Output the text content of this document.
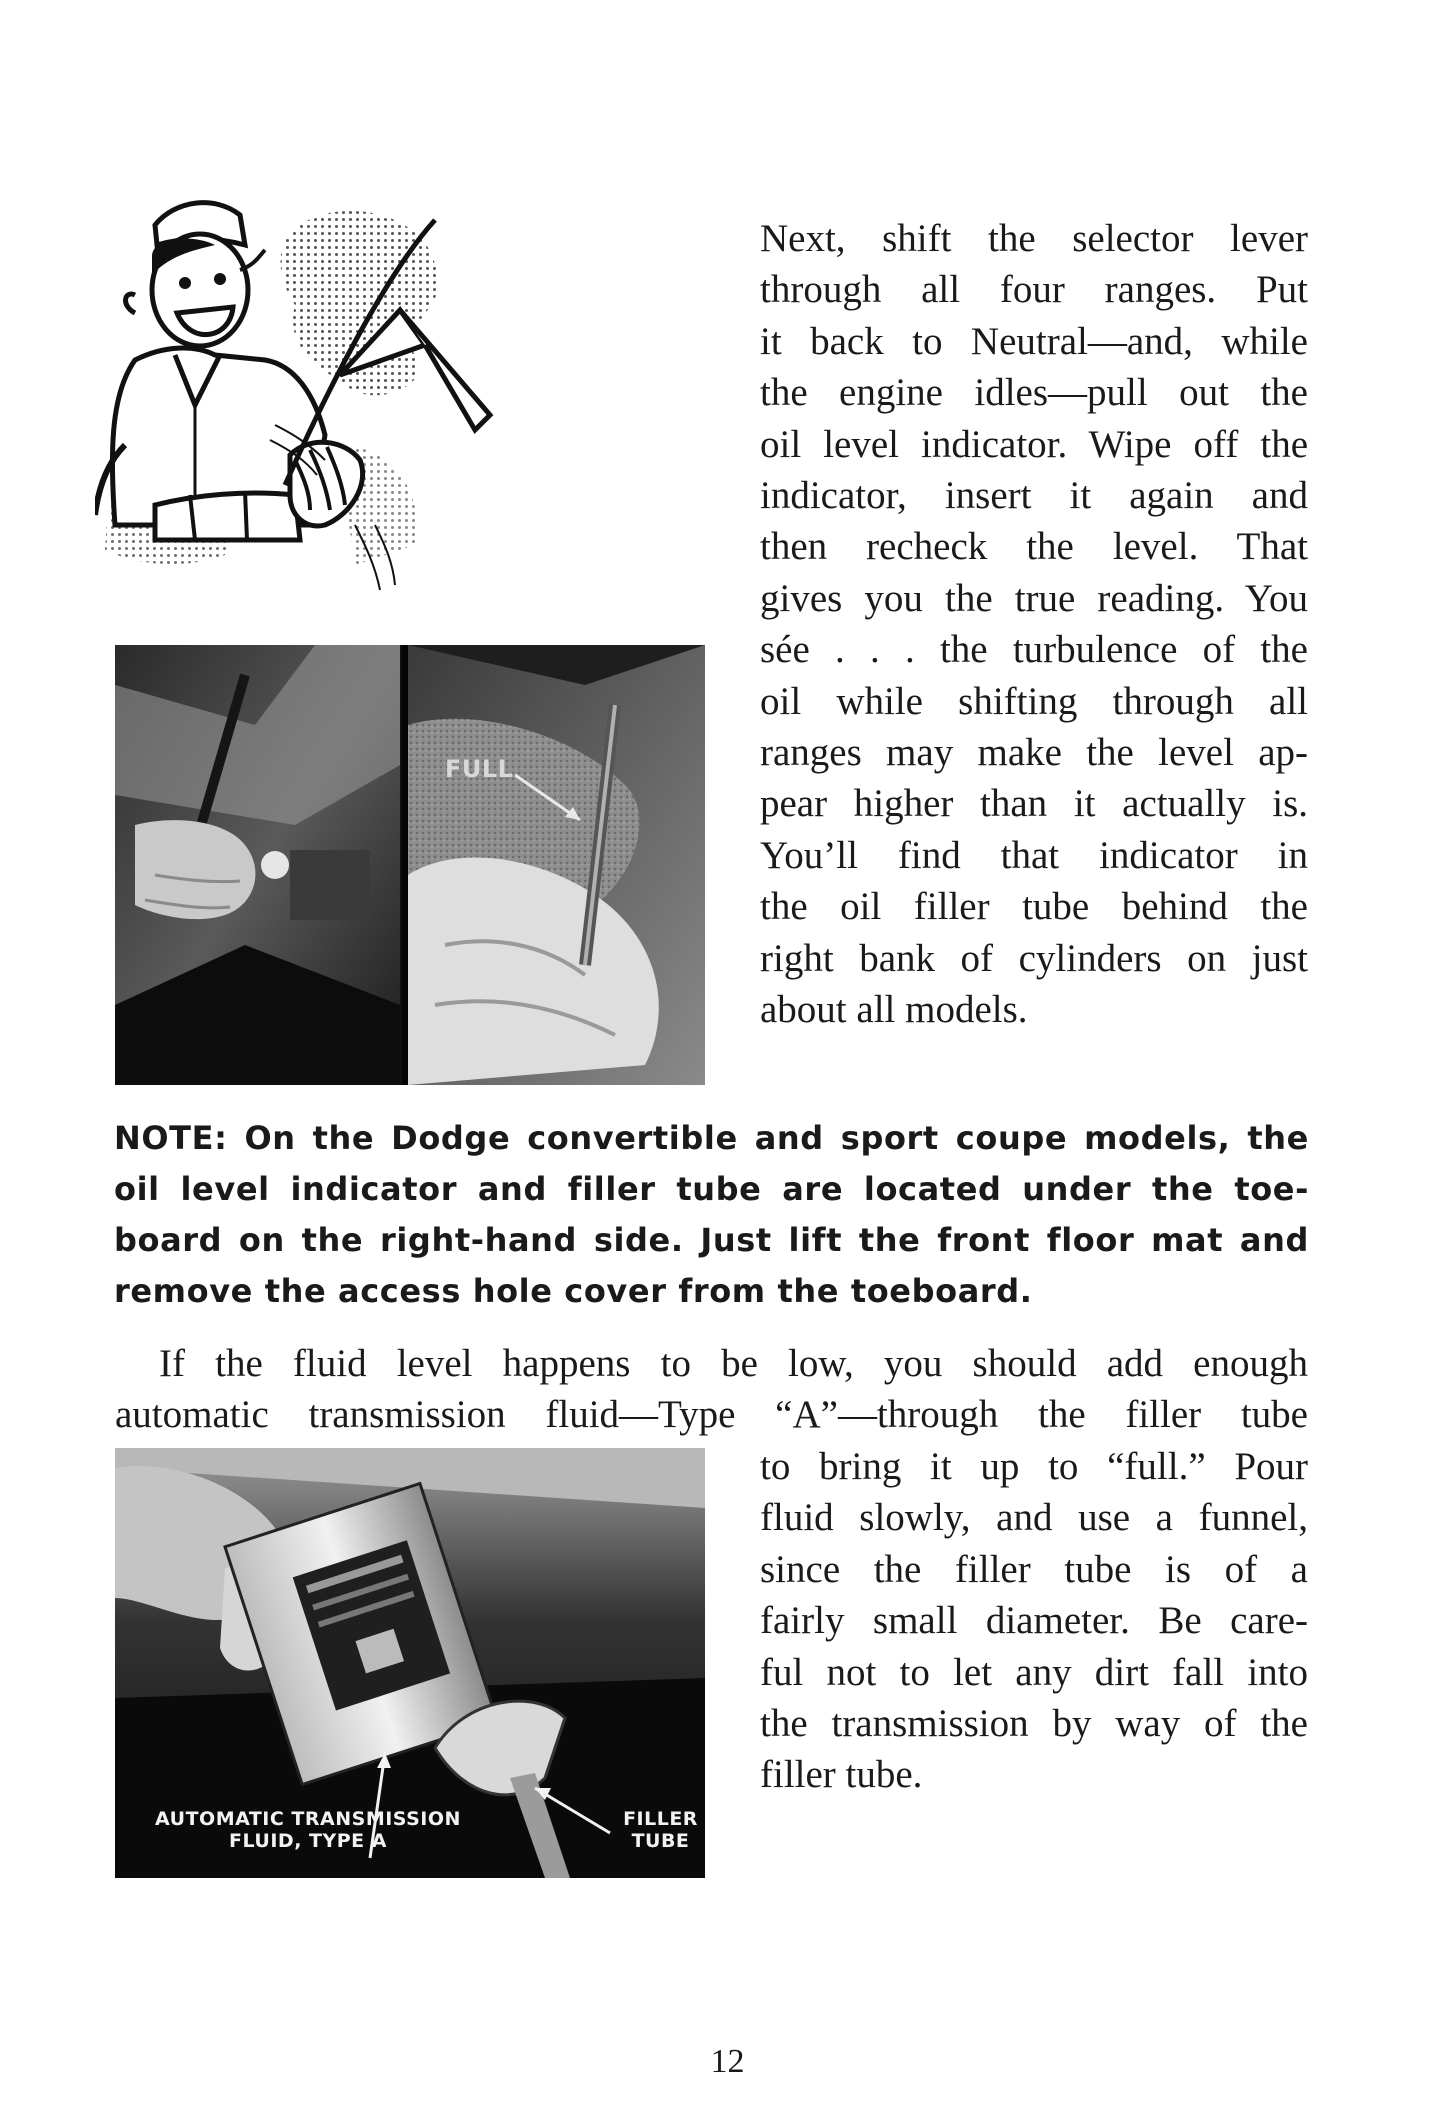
FULL
Next, shift the selector lever
through all four ranges. Put
it back to Neutral—and, while
the engine idles—pull out the
oil level indicator. Wipe off the
indicator, insert it again and
then recheck the level. That
gives you the true reading. You
sée . . . the turbulence of the
oil while shifting through all
ranges may make the level ap-
pear higher than it actually is.
You’ll find that indicator in
the oil filler tube behind the
right bank of cylinders on just
about all models.
NOTE: On the Dodge convertible and sport coupe models, the oil level indicator and filler tube are located under the toe-board on the right-hand side. Just lift the front floor mat and remove the access hole cover from the toeboard.
If the fluid level happens to be low, you should add enough
automatic transmission fluid—Type “A”—through the filler tube
AUTOMATIC TRANSMISSION
FLUID, TYPE A
FILLER
TUBE
to bring it up to “full.” Pour
fluid slowly, and use a funnel,
since the filler tube is of a
fairly small diameter. Be care-
ful not to let any dirt fall into
the transmission by way of the
filler tube.
12
